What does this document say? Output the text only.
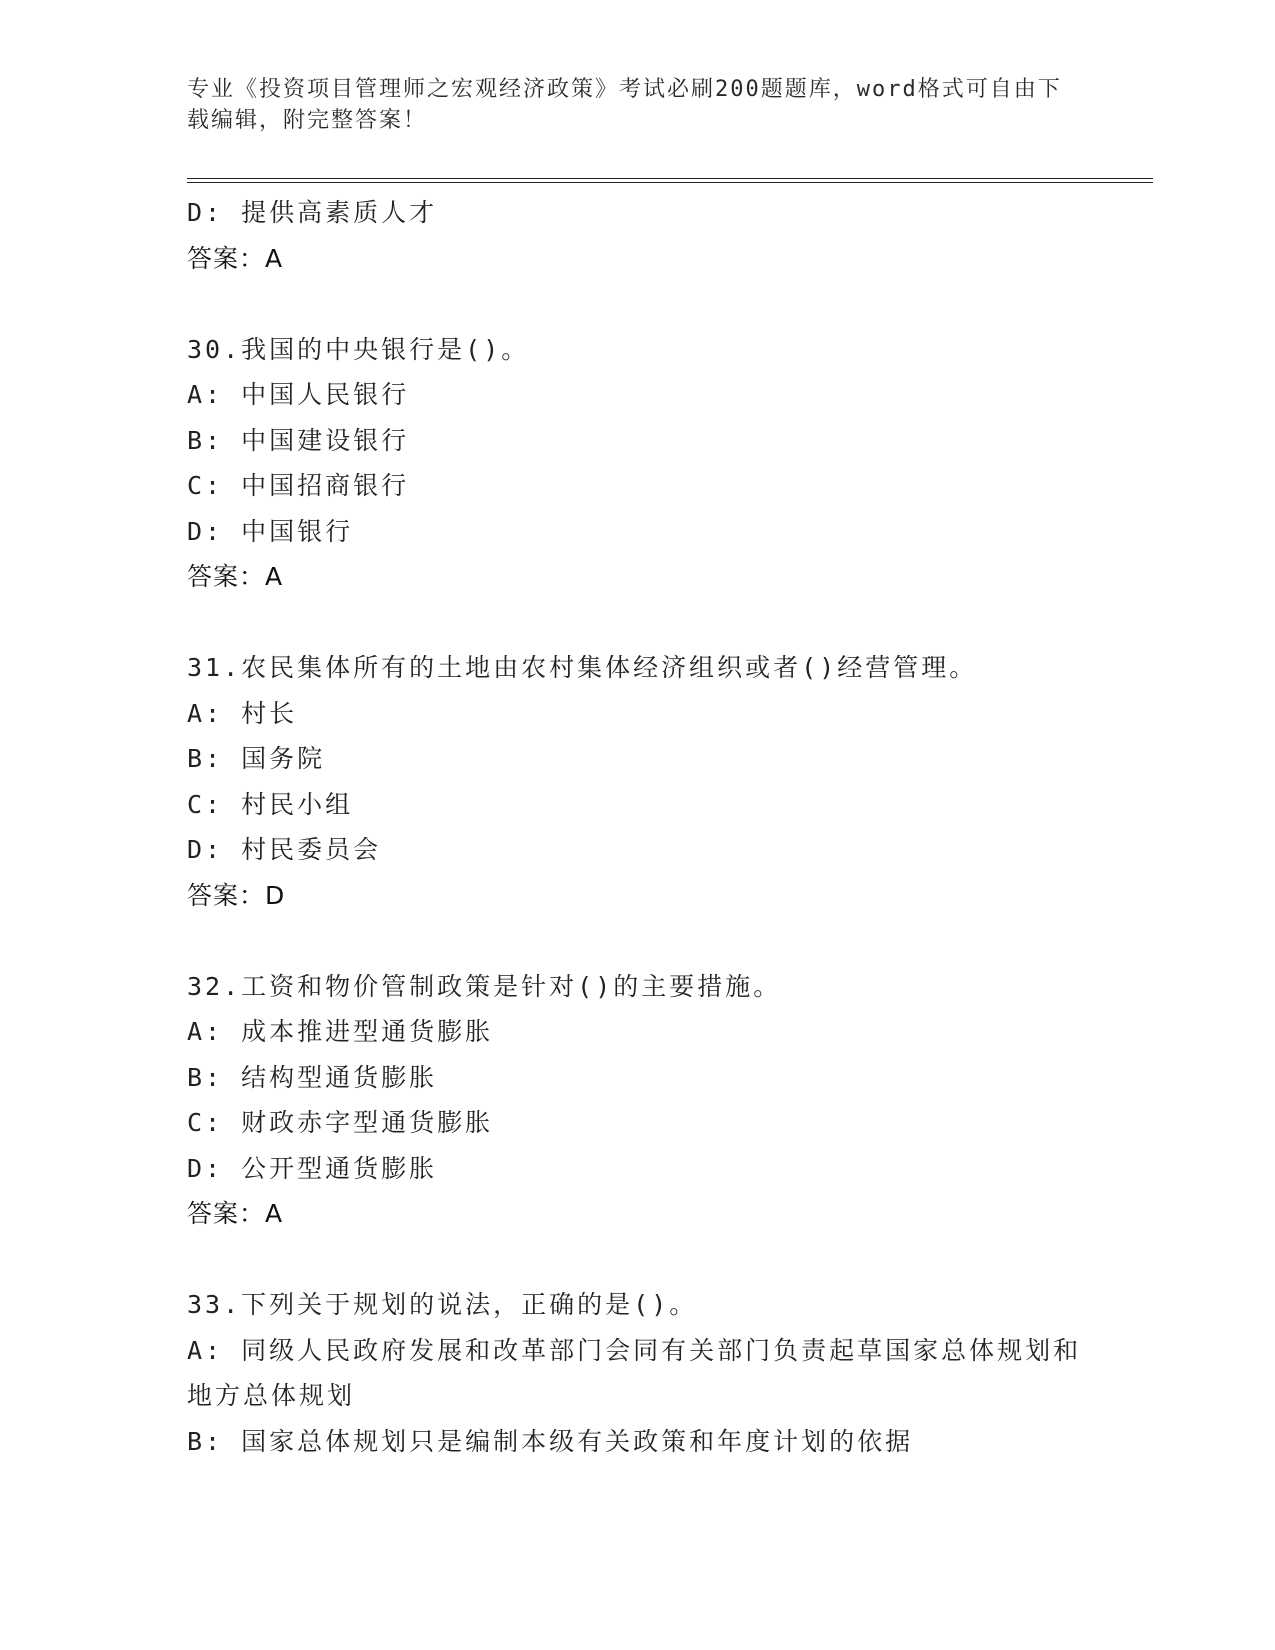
专业《投资项目管理师之宏观经济政策》考试必刷200题题库，word格式可自由下载编辑，附完整答案！
D: 提供高素质人才
答案：A
30.我国的中央银行是()。
A: 中国人民银行
B: 中国建设银行
C: 中国招商银行
D: 中国银行
答案：A
31.农民集体所有的土地由农村集体经济组织或者()经营管理。
A: 村长
B: 国务院
C: 村民小组
D: 村民委员会
答案：D
32.工资和物价管制政策是针对()的主要措施。
A: 成本推进型通货膨胀
B: 结构型通货膨胀
C: 财政赤字型通货膨胀
D: 公开型通货膨胀
答案：A
33.下列关于规划的说法，正确的是()。
A: 同级人民政府发展和改革部门会同有关部门负责起草国家总体规划和地方总体规划
B: 国家总体规划只是编制本级有关政策和年度计划的依据
